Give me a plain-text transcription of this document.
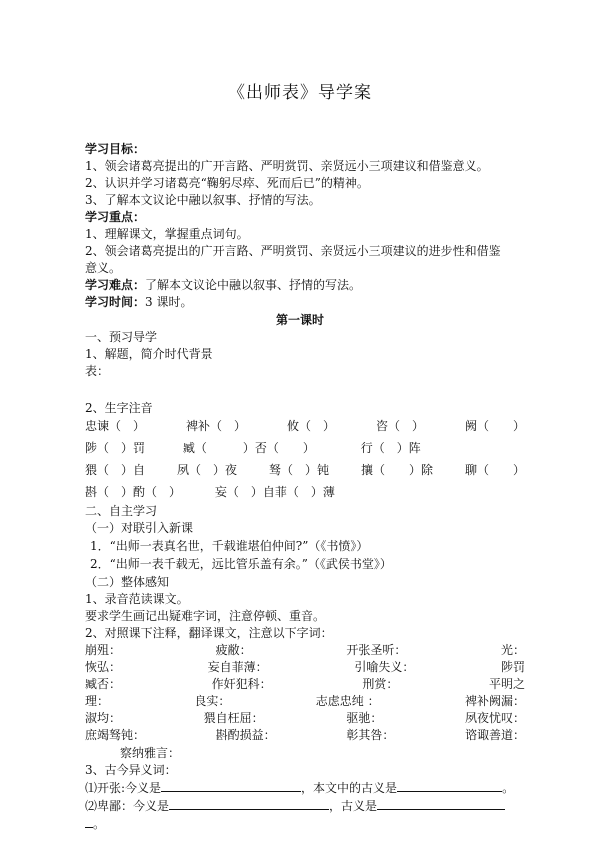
《出师表》导学案
学习目标：
1、领会诸葛亮提出的广开言路、严明赏罚、亲贤远小三项建议和借鉴意义。
2、认识并学习诸葛亮“鞠躬尽瘁、死而后已”的精神。
3、了解本文议论中融以叙事、抒情的写法。
学习重点：
1、理解课文，掌握重点词句。
2、领会诸葛亮提出的广开言路、严明赏罚、亲贤远小三项建议的进步性和借鉴
意义。
学习难点：了解本文议论中融以叙事、抒情的写法。
学习时间：3 课时。
第一课时
一、预习导学
1、解题，简介时代背景
表：
2、生字注音
忠谏（　）	裨补（　）	攸（　）	咨（　）	阙（　　）
陟（　）罚	臧（　　　）否（　　）	行（　）阵
猥（　）自	夙（　）夜	驽（　）钝	攘（　　）除	聊（　　）
斟（　）酌（　）	妄（　）自菲（　）薄
二、自主学习
（一）对联引入新课
1．“出师一表真名世，千载谁堪伯仲间?”（《书愤》）
2．“出师一表千载无，远比管乐盖有余。”（《武侯书堂》）
（二）整体感知
1、录音范读课文。
要求学生画记出疑难字词，注意停顿、重音。
2、对照课下注释，翻译课文，注意以下字词：
崩殂：	疲敝：	开张圣听：	光：
恢弘：	妄自菲薄：	引喻失义：	陟罚
臧否：	作奸犯科：	刑赏：	平明之
理：	良实：	志虑忠纯 ：	裨补阙漏：
淑均：	猥自枉屈：	驱驰：	夙夜忧叹：
庶竭驽钝：	斟酌损益：	彰其咎：	谘诹善道：
察纳雅言：
3、古今异义词：
⑴开张:今义是	，本文中的古义是	。
⑵卑鄙：今义是	，古义是
。
